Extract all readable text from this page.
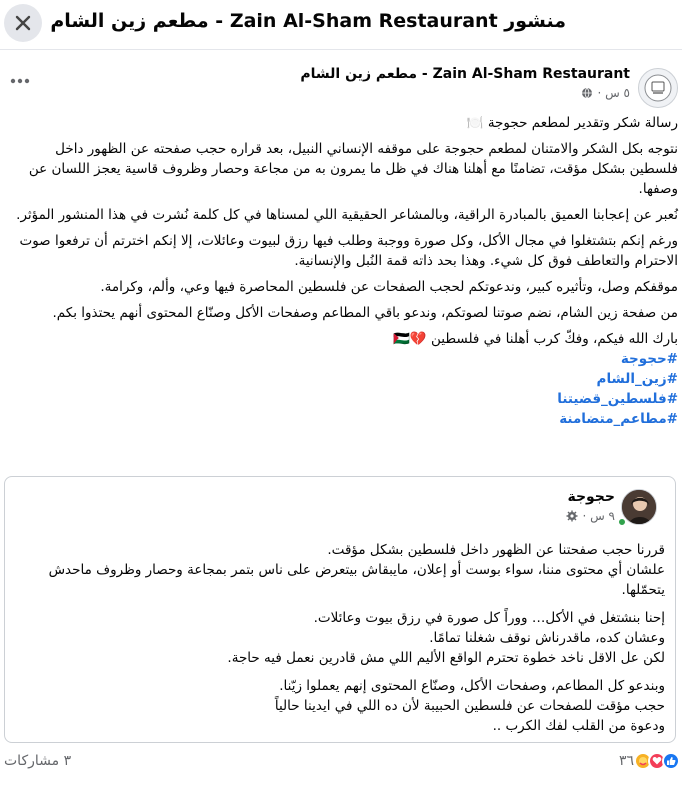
منشور Zain Al-Sham Restaurant - مطعم زين الشام
Zain Al-Sham Restaurant - مطعم زين الشام
٥ س ·

رسالة شكر وتقدير لمطعم حجوجة 🍽️

نتوجه بكل الشكر والامتنان لمطعم حجوجة على موقفه الإنساني النبيل، بعد قراره حجب صفحته عن الظهور داخل فلسطين بشكل مؤقت، تضامنًا مع أهلنا هناك في ظل ما يمرون به من مجاعة وحصار وظروف قاسية يعجز اللسان عن وصفها.

نُعبر عن إعجابنا العميق بالمبادرة الراقية، وبالمشاعر الحقيقية اللي لمسناها في كل كلمة نُشرت في هذا المنشور المؤثر.

ورغم إنكم بتشتغلوا في مجال الأكل، وكل صورة ووجبة وطلب فيها رزق لبيوت وعائلات، إلا إنكم اخترتم أن ترفعوا صوت الاحترام والتعاطف فوق كل شيء. وهذا بحد ذاته قمة النُبل والإنسانية.

موقفكم وصل، وتأثيره كبير، وندعوتكم لحجب الصفحات عن فلسطين المحاصرة فيها وعي، وألم، وكرامة.

من صفحة زين الشام، نضم صوتنا لصوتكم، وندعو باقي المطاعم وصفحات الأكل وصنّاع المحتوى أنهم يحتذوا بكم.

بارك الله فيكم، وفكّ كرب أهلنا في فلسطين 💔🇵🇸

#حجوجة
#زين_الشام
#فلسطين_قضيتنا
#مطاعم_متضامنة
حجوجة
٩ س ·

قررنا حجب صفحتنا عن الظهور داخل فلسطين بشكل مؤقت.
علشان أي محتوى مننا، سواء بوست أو إعلان، مايبقاش بيتعرض على ناس بتمر بمجاعة وحصار وظروف ماحدش يتحمّلها.

إحنا بنشتغل في الأكل… ووراً كل صورة في رزق بيوت وعائلات.
وعشان كده، ماقدرناش نوقف شغلنا تمامًا.
لكن عل الاقل ناخد خطوة تحترم الواقع الأليم اللي مش قادرين نعمل فيه حاجة.

وبندعو كل المطاعم، وصفحات الأكل، وصنّاع المحتوى إنهم يعملوا زيّنا.
حجب مؤقت للصفحات عن فلسطين الحبيبة لأن ده اللي في ايدينا حالياً
ودعوة من القلب لفك الكرب ..

٣٦
٣ مشاركات
